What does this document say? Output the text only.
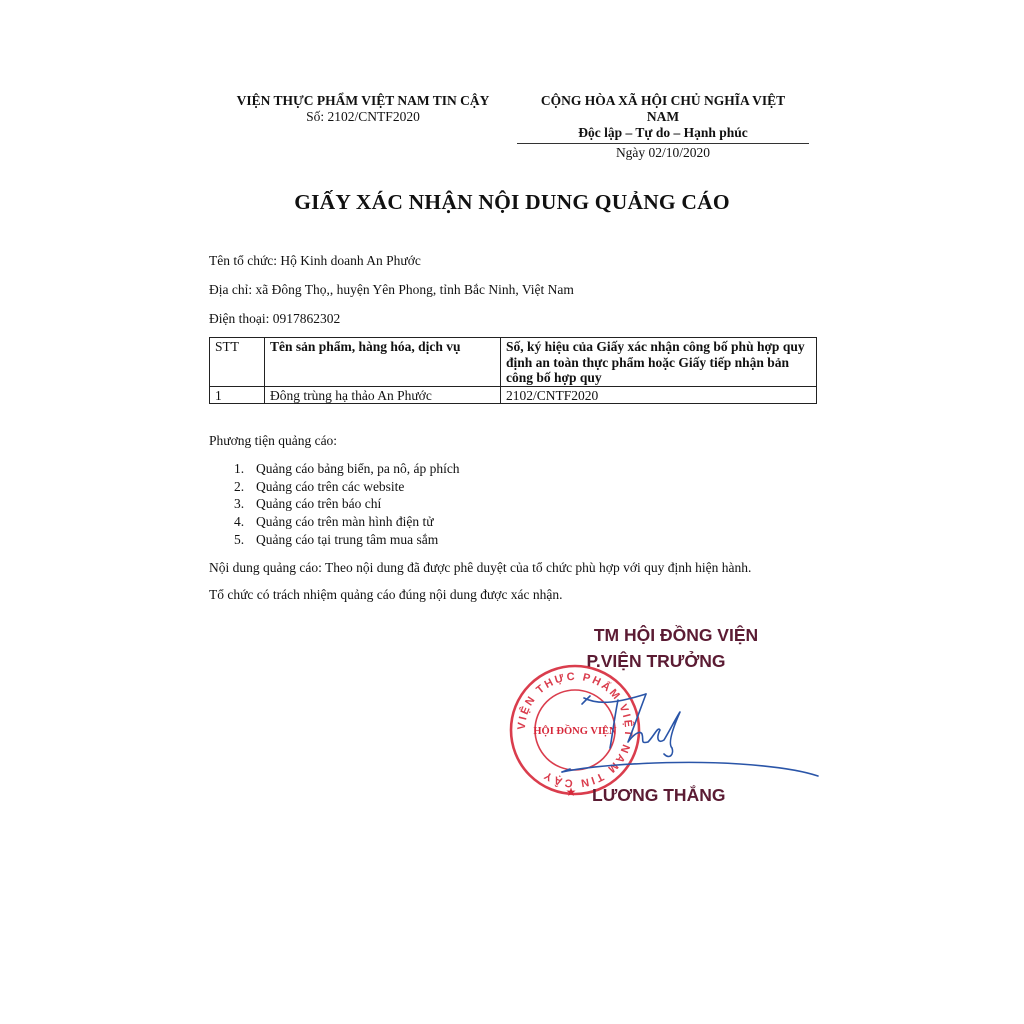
VIỆN THỰC PHẨM VIỆT NAM TIN CẬY
Số: 2102/CNTF2020
CỘNG HÒA XÃ HỘI CHỦ NGHĨA VIỆT
NAM
Độc lập – Tự do – Hạnh phúc
Ngày 02/10/2020
GIẤY XÁC NHẬN NỘI DUNG QUẢNG CÁO
Tên tổ chức: Hộ Kinh doanh An Phước
Địa chỉ: xã Đông Thọ,, huyện Yên Phong, tỉnh Bắc Ninh, Việt Nam
Điện thoại: 0917862302
STT	Tên sản phẩm, hàng hóa, dịch vụ	Số, ký hiệu của Giấy xác nhận công bố phù hợp quy định an toàn thực phẩm hoặc Giấy tiếp nhận bản công bố hợp quy
1	Đông trùng hạ thảo An Phước	2102/CNTF2020
Phương tiện quảng cáo:
1. Quảng cáo bảng biển, pa nô, áp phích
2. Quảng cáo trên các website
3. Quảng cáo trên báo chí
4. Quảng cáo trên màn hình điện tử
5. Quảng cáo tại trung tâm mua sắm
Nội dung quảng cáo: Theo nội dung đã được phê duyệt của tổ chức phù hợp với quy định hiện hành.
Tổ chức có trách nhiệm quảng cáo đúng nội dung được xác nhận.
TM HỘI ĐỒNG VIỆN
P.VIỆN TRƯỞNG
VIỆN THỰC PHẨM VIỆT NAM TIN CẬY
HỘI ĐỒNG VIỆN
★ LƯƠNG THẮNG
